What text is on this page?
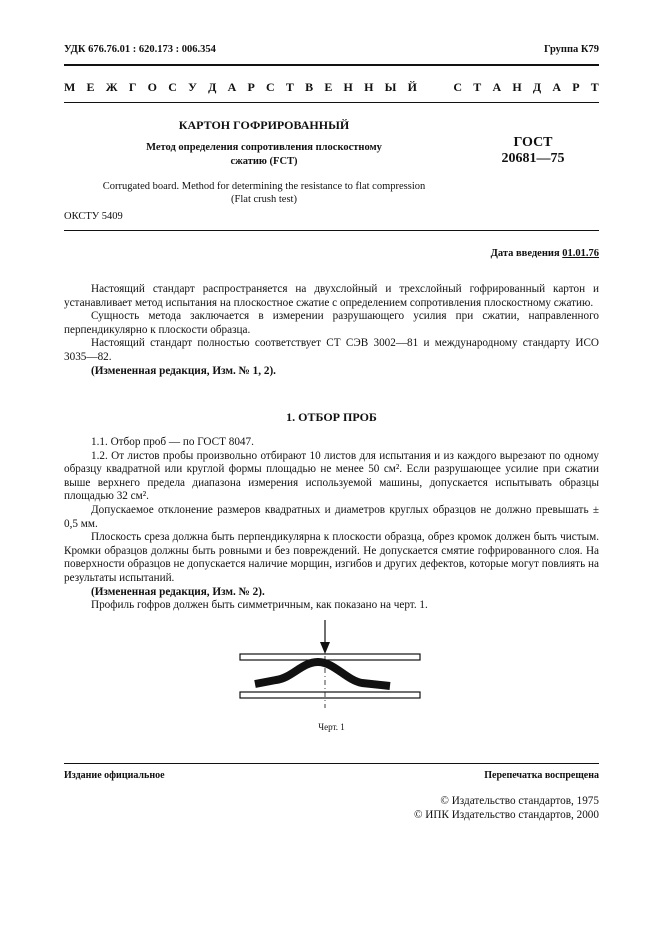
УДК 676.76.01 : 620.173 : 006.354	Группа К79
М Е Ж Г О С У Д А Р С Т В Е Н Н Ы Й	С Т А Н Д А Р Т
КАРТОН ГОФРИРОВАННЫЙ
Метод определения сопротивления плоскостному
сжатию (FCT)
ГОСТ
20681—75
Corrugated board. Method for determining the resistance to flat compression
(Flat crush test)
ОКСТУ 5409
Дата введения 01.01.76

Настоящий стандарт распространяется на двухслойный и трехслойный гофрированный картон и устанавливает метод испытания на плоскостное сжатие с определением сопротивления плоскостному сжатию.

Сущность метода заключается в измерении разрушающего усилия при сжатии, направленного перпендикулярно к плоскости образца.

Настоящий стандарт полностью соответствует СТ СЭВ 3002—81 и международному стандарту ИСО 3035—82.

(Измененная редакция, Изм. № 1, 2).

1. ОТБОР ПРОБ

1.1. Отбор проб — по ГОСТ 8047.

1.2. От листов пробы произвольно отбирают 10 листов для испытания и из каждого вырезают по одному образцу квадратной или круглой формы площадью не менее 50 см². Если разрушающее усилие при сжатии выше верхнего предела диапазона измерения используемой машины, допускается испытывать образцы площадью 32 см².

Допускаемое отклонение размеров квадратных и диаметров круглых образцов не должно превышать ± 0,5 мм.

Плоскость среза должна быть перпендикулярна к плоскости образца, обрез кромок должен быть чистым. Кромки образцов должны быть ровными и без повреждений. Не допускается смятие гофрированного слоя. На поверхности образцов не допускается наличие морщин, изгибов и других дефектов, которые могут повлиять на результаты испытаний.

(Измененная редакция, Изм. № 2).

Профиль гофров должен быть симметричным, как показано на черт. 1.

Черт. 1
Издание официальное	Перепечатка воспрещена
© Издательство стандартов, 1975
© ИПК Издательство стандартов, 2000
